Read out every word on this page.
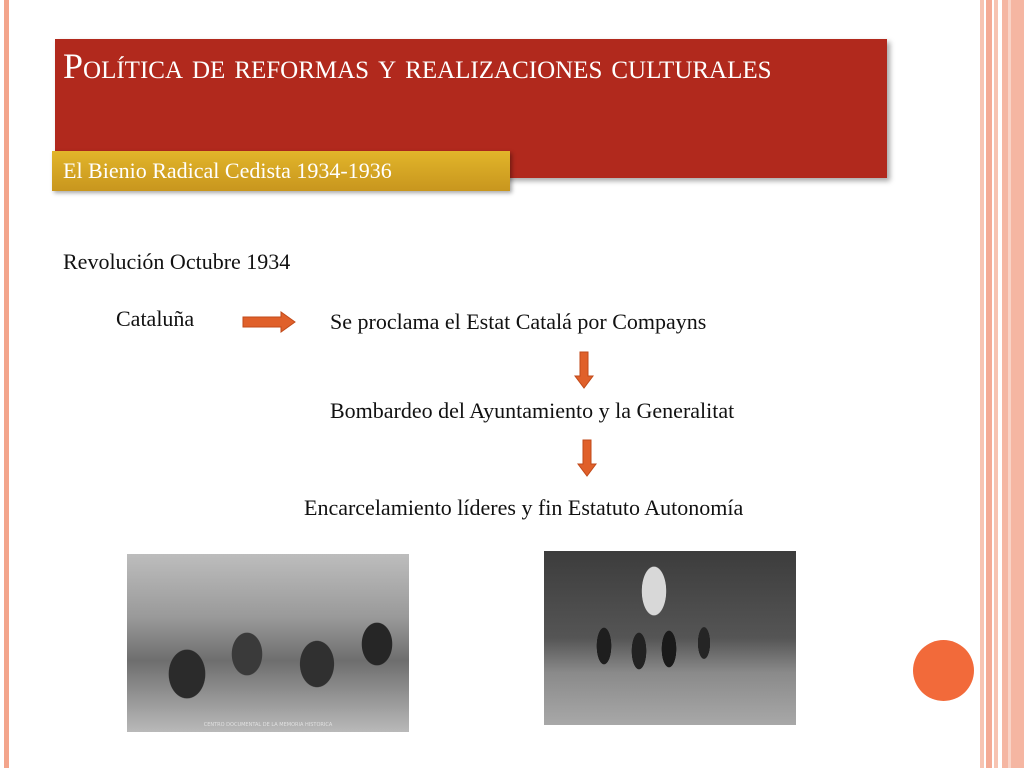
Política de reformas y realizaciones culturales
El Bienio Radical Cedista 1934-1936
Revolución Octubre 1934
Cataluña	Se proclama el Estat Catalá por Compayns
Bombardeo del Ayuntamiento y la Generalitat
Encarcelamiento líderes y fin Estatuto Autonomía
CENTRO DOCUMENTAL DE LA MEMORIA HISTÓRICA
